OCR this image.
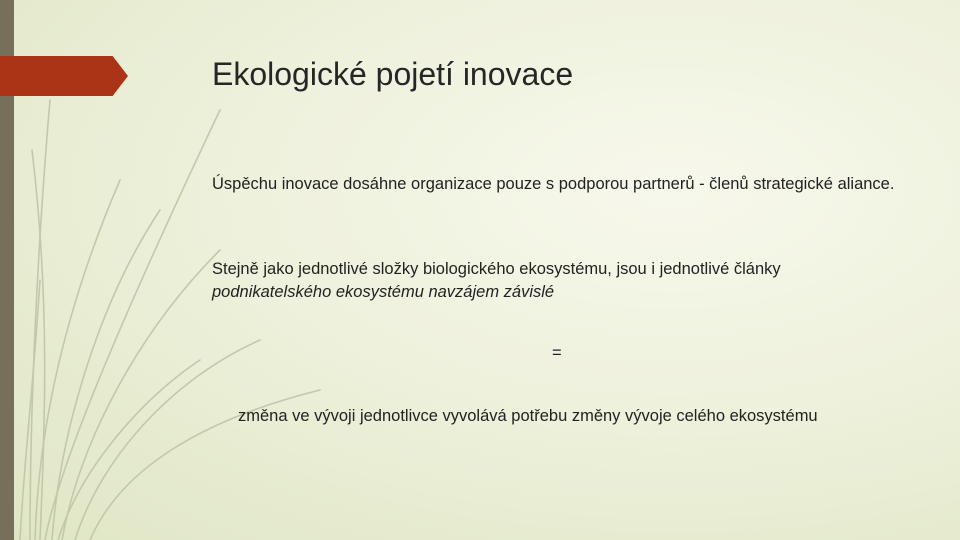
Ekologické pojetí inovace

Úspěchu inovace dosáhne organizace pouze s podporou partnerů - členů strategické aliance.

Stejně jako jednotlivé složky biologického ekosystému, jsou i jednotlivé články
podnikatelského ekosystému navzájem závislé

=

změna ve vývoji jednotlivce vyvolává potřebu změny vývoje celého ekosystému
